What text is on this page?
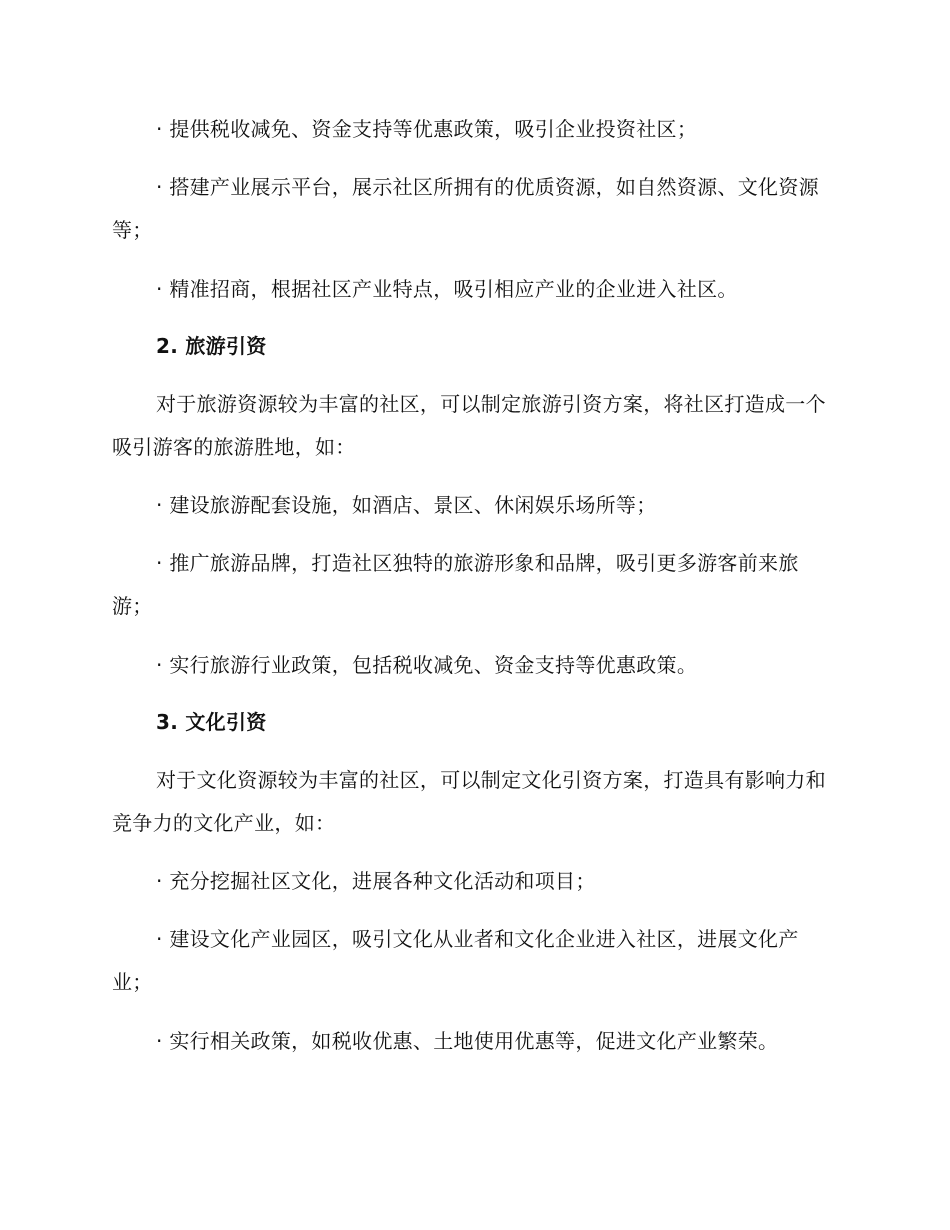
· 提供税收减免、资金支持等优惠政策，吸引企业投资社区；

· 搭建产业展示平台，展示社区所拥有的优质资源，如自然资源、文化资源等；

· 精准招商，根据社区产业特点，吸引相应产业的企业进入社区。

2. 旅游引资

对于旅游资源较为丰富的社区，可以制定旅游引资方案，将社区打造成一个吸引游客的旅游胜地，如：

· 建设旅游配套设施，如酒店、景区、休闲娱乐场所等；

· 推广旅游品牌，打造社区独特的旅游形象和品牌，吸引更多游客前来旅游；

· 实行旅游行业政策，包括税收减免、资金支持等优惠政策。

3. 文化引资

对于文化资源较为丰富的社区，可以制定文化引资方案，打造具有影响力和竞争力的文化产业，如：

· 充分挖掘社区文化，进展各种文化活动和项目；

· 建设文化产业园区，吸引文化从业者和文化企业进入社区，进展文化产业；

· 实行相关政策，如税收优惠、土地使用优惠等，促进文化产业繁荣。
